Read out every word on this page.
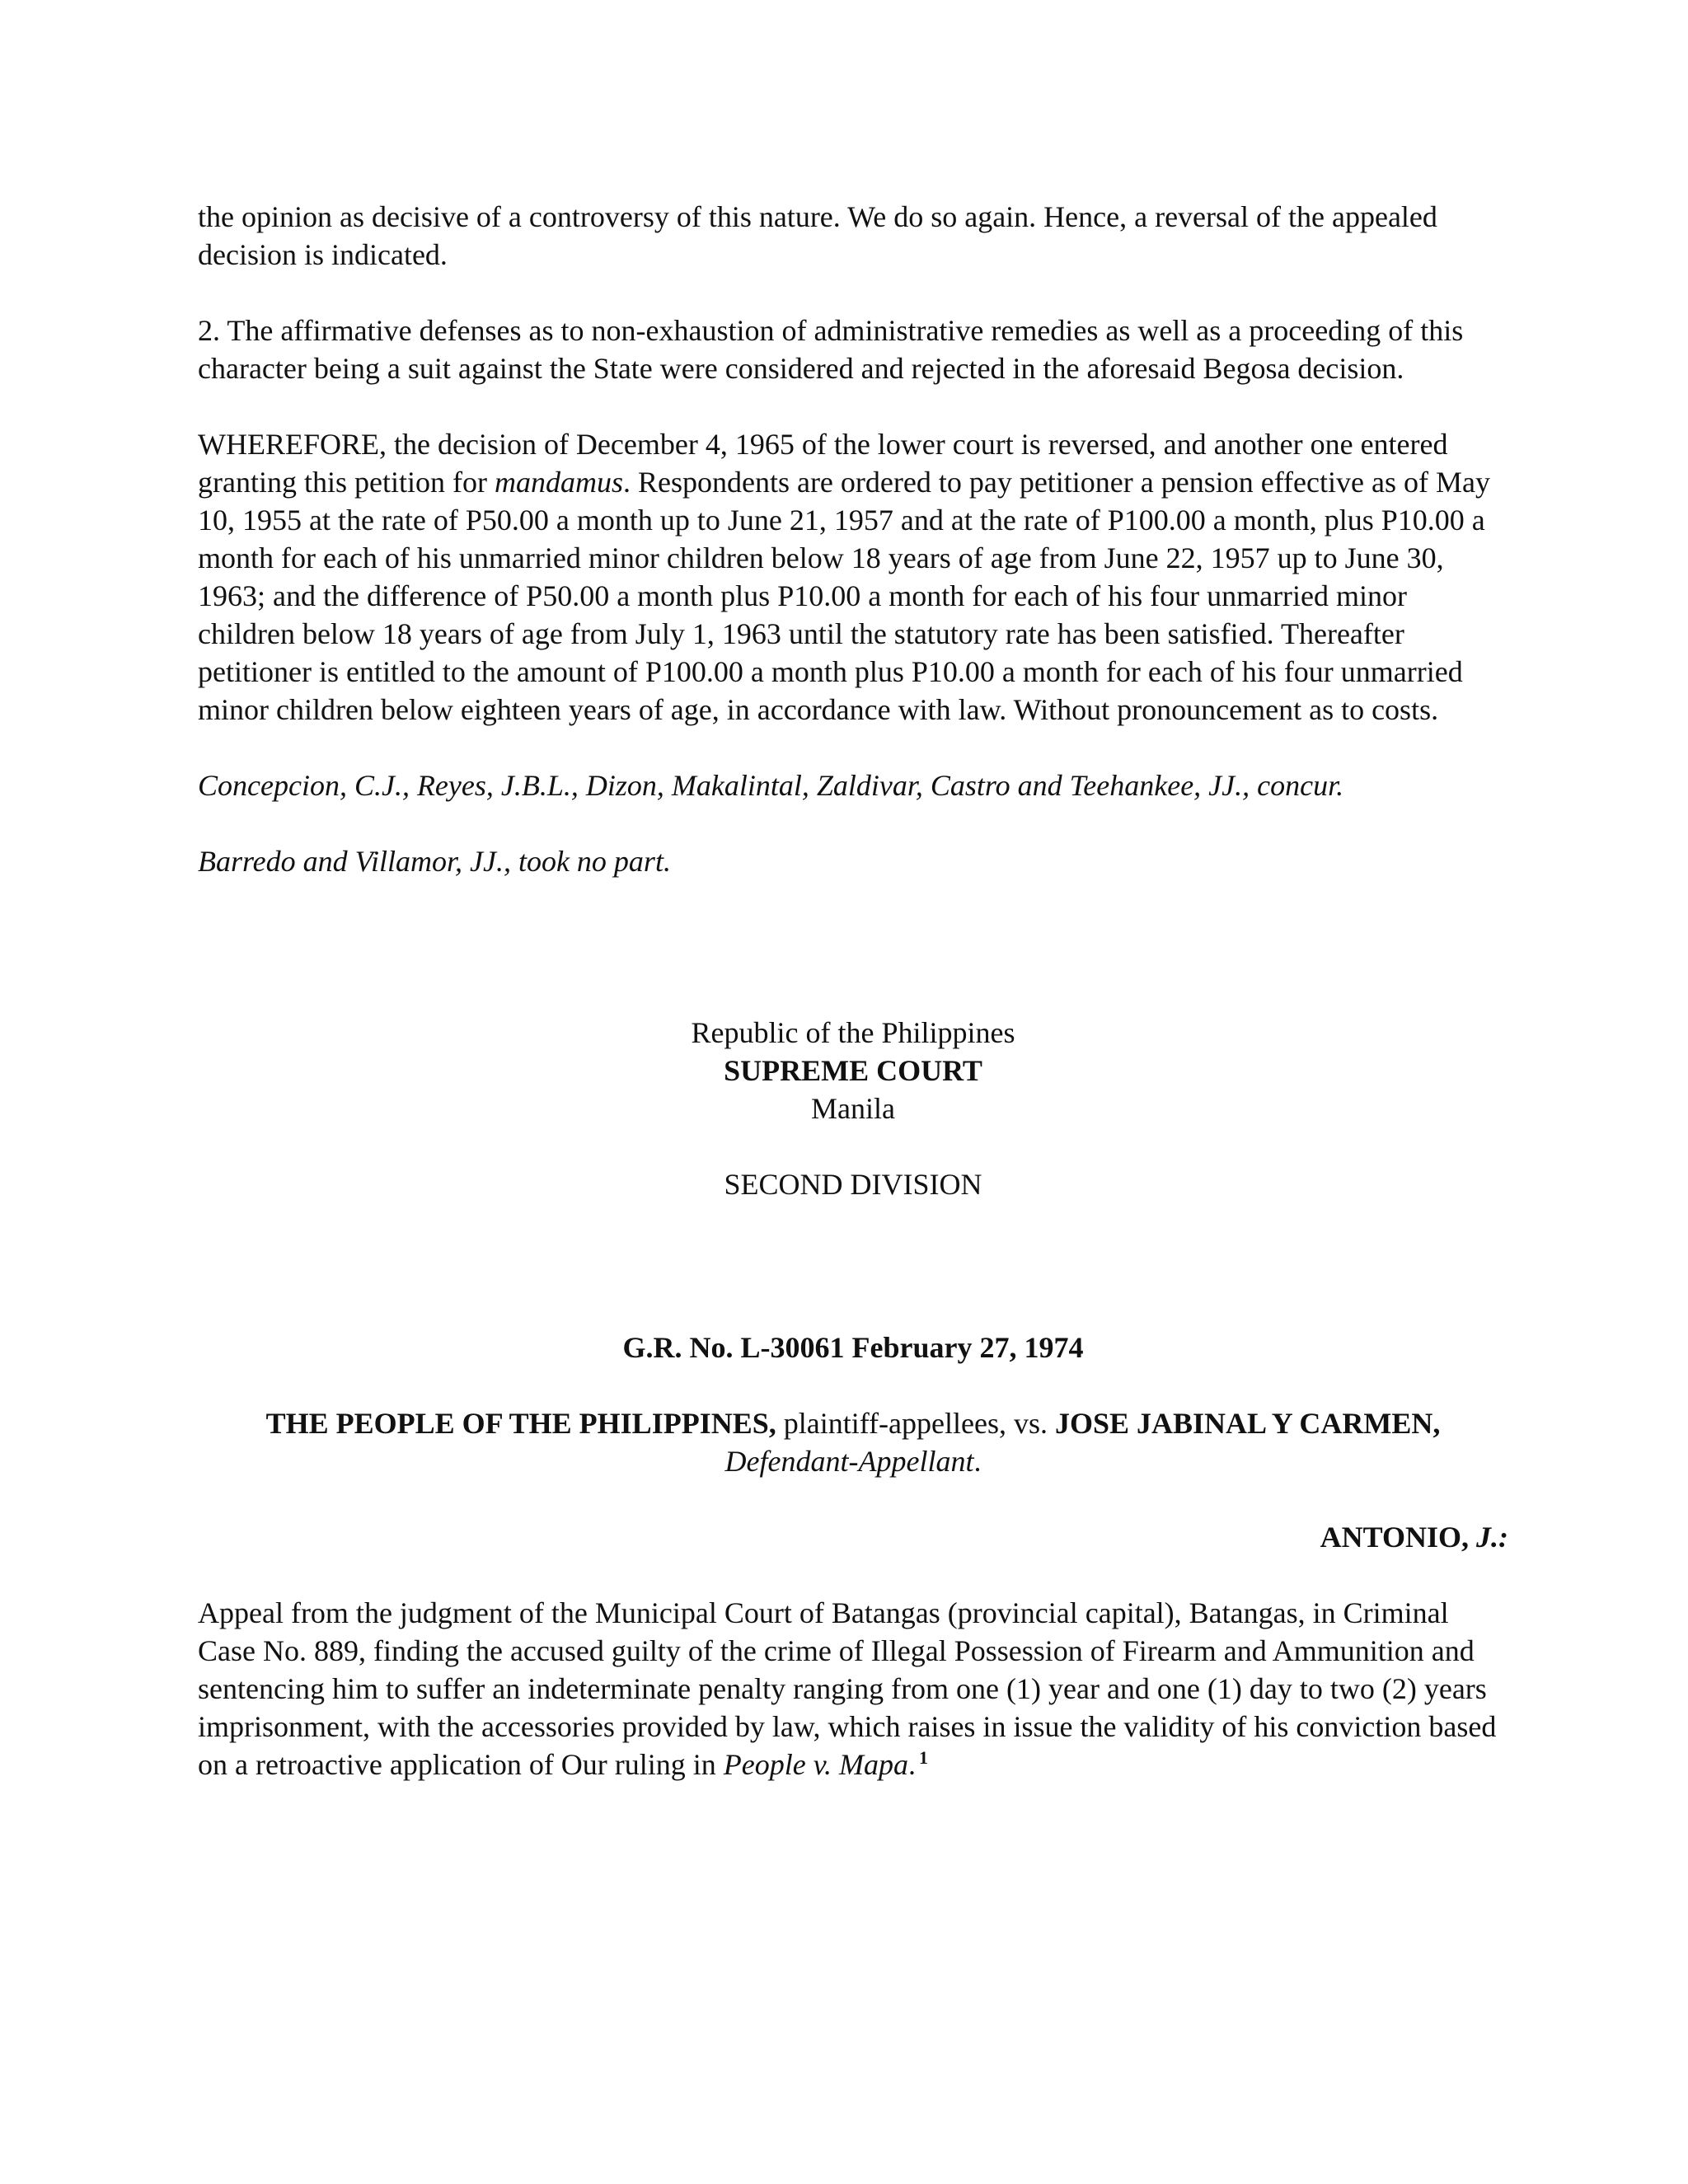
the opinion as decisive of a controversy of this nature. We do so again. Hence, a reversal of the appealed decision is indicated.

2. The affirmative defenses as to non-exhaustion of administrative remedies as well as a proceeding of this character being a suit against the State were considered and rejected in the aforesaid Begosa decision.

WHEREFORE, the decision of December 4, 1965 of the lower court is reversed, and another one entered granting this petition for mandamus. Respondents are ordered to pay petitioner a pension effective as of May 10, 1955 at the rate of P50.00 a month up to June 21, 1957 and at the rate of P100.00 a month, plus P10.00 a month for each of his unmarried minor children below 18 years of age from June 22, 1957 up to June 30, 1963; and the difference of P50.00 a month plus P10.00 a month for each of his four unmarried minor children below 18 years of age from July 1, 1963 until the statutory rate has been satisfied. Thereafter petitioner is entitled to the amount of P100.00 a month plus P10.00 a month for each of his four unmarried minor children below eighteen years of age, in accordance with law. Without pronouncement as to costs.

Concepcion, C.J., Reyes, J.B.L., Dizon, Makalintal, Zaldivar, Castro and Teehankee, JJ., concur.

Barredo and Villamor, JJ., took no part.

Republic of the Philippines

SUPREME COURT

Manila

SECOND DIVISION

G.R. No. L-30061 February 27, 1974

THE PEOPLE OF THE PHILIPPINES, plaintiff-appellees, vs. JOSE JABINAL Y CARMEN, Defendant-Appellant.

ANTONIO, J.:

Appeal from the judgment of the Municipal Court of Batangas (provincial capital), Batangas, in Criminal Case No. 889, finding the accused guilty of the crime of Illegal Possession of Firearm and Ammunition and sentencing him to suffer an indeterminate penalty ranging from one (1) year and one (1) day to two (2) years imprisonment, with the accessories provided by law, which raises in issue the validity of his conviction based on a retroactive application of Our ruling in People v. Mapa. $^1$
